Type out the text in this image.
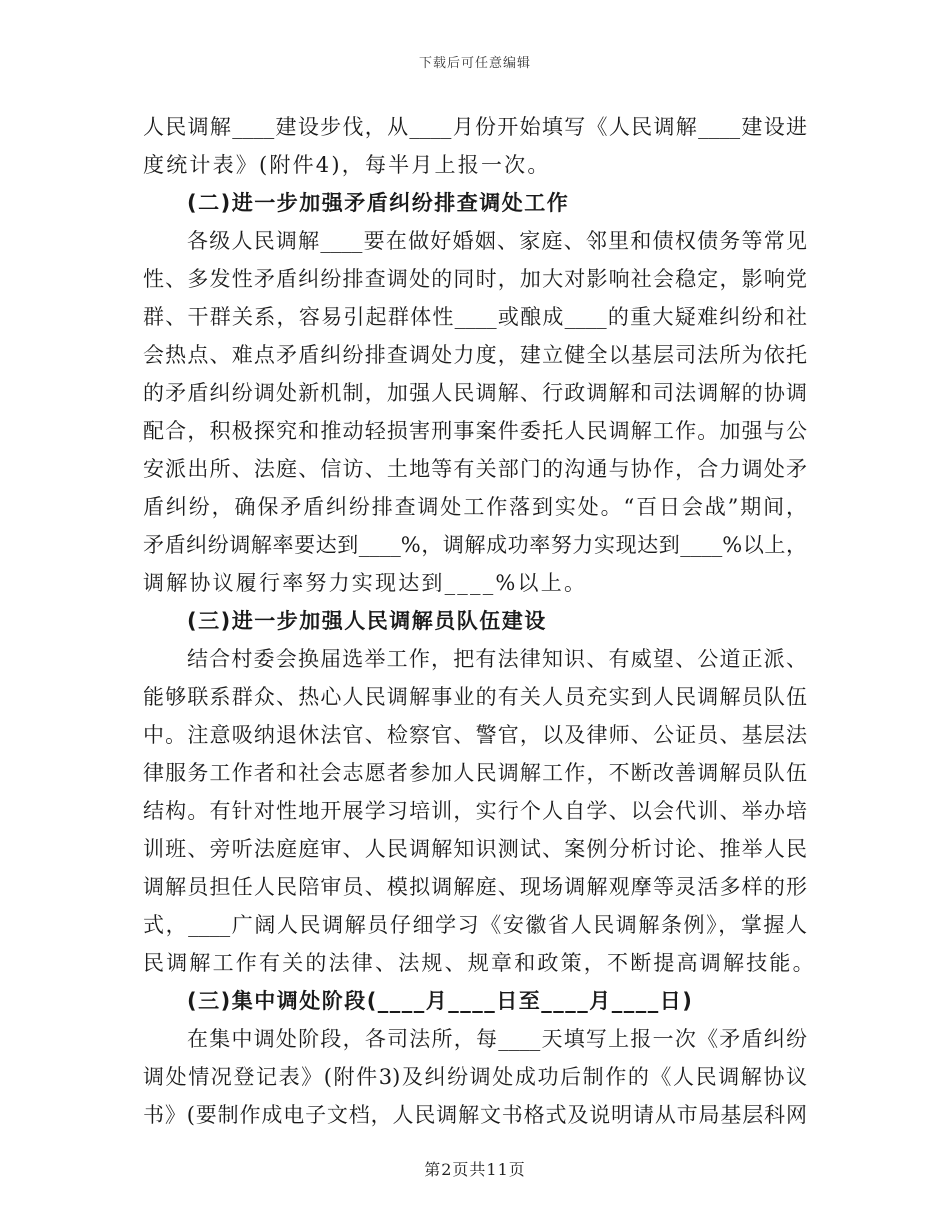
下载后可任意编辑
人民调解____建设步伐，从____月份开始填写《人民调解____建设进
度统计表》(附件4)，每半月上报一次。
(二)进一步加强矛盾纠纷排查调处工作
各级人民调解____要在做好婚姻、家庭、邻里和债权债务等常见
性、多发性矛盾纠纷排查调处的同时，加大对影响社会稳定，影响党
群、干群关系，容易引起群体性____或酿成____的重大疑难纠纷和社
会热点、难点矛盾纠纷排查调处力度，建立健全以基层司法所为依托
的矛盾纠纷调处新机制，加强人民调解、行政调解和司法调解的协调
配合，积极探究和推动轻损害刑事案件委托人民调解工作。加强与公
安派出所、法庭、信访、土地等有关部门的沟通与协作，合力调处矛
盾纠纷，确保矛盾纠纷排查调处工作落到实处。“百日会战”期间，
矛盾纠纷调解率要达到____%，调解成功率努力实现达到____%以上，
调解协议履行率努力实现达到____%以上。
(三)进一步加强人民调解员队伍建设
结合村委会换届选举工作，把有法律知识、有威望、公道正派、
能够联系群众、热心人民调解事业的有关人员充实到人民调解员队伍
中。注意吸纳退休法官、检察官、警官，以及律师、公证员、基层法
律服务工作者和社会志愿者参加人民调解工作，不断改善调解员队伍
结构。有针对性地开展学习培训，实行个人自学、以会代训、举办培
训班、旁听法庭庭审、人民调解知识测试、案例分析讨论、推举人民
调解员担任人民陪审员、模拟调解庭、现场调解观摩等灵活多样的形
式，____广阔人民调解员仔细学习《安徽省人民调解条例》，掌握人
民调解工作有关的法律、法规、规章和政策，不断提高调解技能。
(三)集中调处阶段(____月____日至____月____日)
在集中调处阶段，各司法所，每____天填写上报一次《矛盾纠纷
调处情况登记表》(附件3)及纠纷调处成功后制作的《人民调解协议
书》(要制作成电子文档，人民调解文书格式及说明请从市局基层科网
第2页共11页
